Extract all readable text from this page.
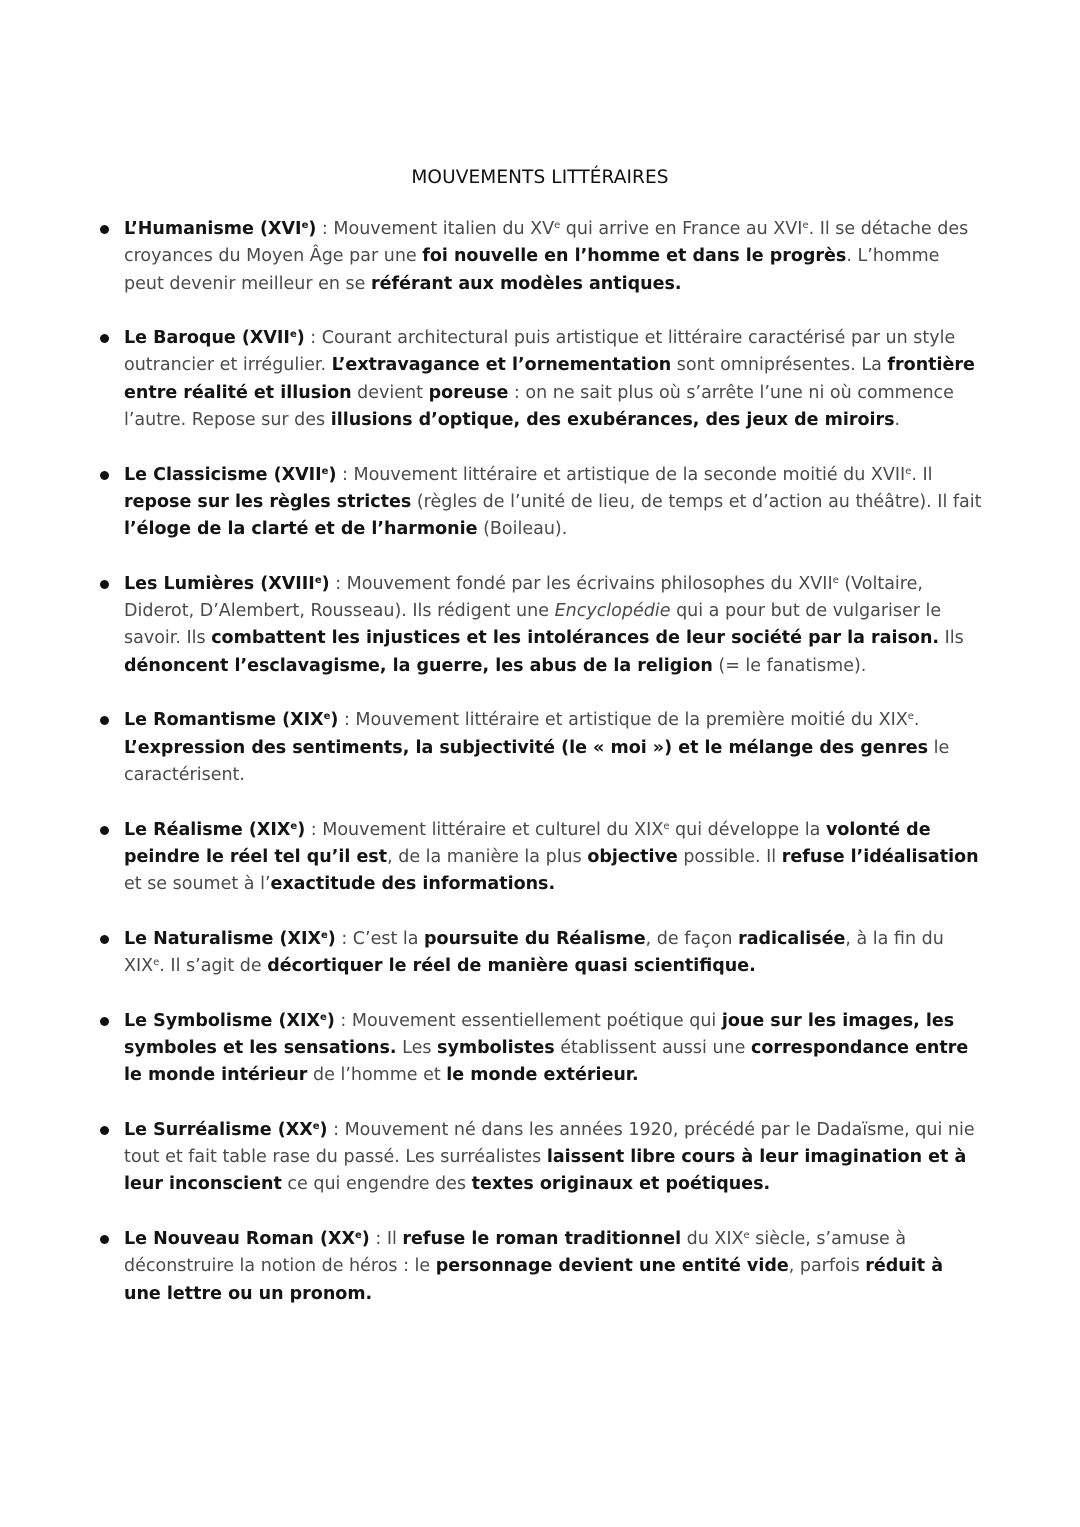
MOUVEMENTS LITTÉRAIRES
L’Humanisme (XVIe) : Mouvement italien du XVe qui arrive en France au XVIe. Il se détache des croyances du Moyen Âge par une foi nouvelle en l’homme et dans le progrès. L’homme peut devenir meilleur en se référant aux modèles antiques.
Le Baroque (XVIIe) : Courant architectural puis artistique et littéraire caractérisé par un style outrancier et irrégulier. L’extravagance et l’ornementation sont omniprésentes. La frontière entre réalité et illusion devient poreuse : on ne sait plus où s’arrête l’une ni où commence l’autre. Repose sur des illusions d’optique, des exubérances, des jeux de miroirs.
Le Classicisme (XVIIe) : Mouvement littéraire et artistique de la seconde moitié du XVIIe. Il repose sur les règles strictes (règles de l’unité de lieu, de temps et d’action au théâtre). Il fait l’éloge de la clarté et de l’harmonie (Boileau).
Les Lumières (XVIIIe) : Mouvement fondé par les écrivains philosophes du XVIIe (Voltaire, Diderot, D’Alembert, Rousseau). Ils rédigent une Encyclopédie qui a pour but de vulgariser le savoir. Ils combattent les injustices et les intolérances de leur société par la raison. Ils dénoncent l’esclavagisme, la guerre, les abus de la religion (= le fanatisme).
Le Romantisme (XIXe) : Mouvement littéraire et artistique de la première moitié du XIXe. L’expression des sentiments, la subjectivité (le « moi ») et le mélange des genres le caractérisent.
Le Réalisme (XIXe) : Mouvement littéraire et culturel du XIXe qui développe la volonté de peindre le réel tel qu’il est, de la manière la plus objective possible. Il refuse l’idéalisation et se soumet à l’exactitude des informations.
Le Naturalisme (XIXe) : C’est la poursuite du Réalisme, de façon radicalisée, à la fin du XIXe. Il s’agit de décortiquer le réel de manière quasi scientifique.
Le Symbolisme (XIXe) : Mouvement essentiellement poétique qui joue sur les images, les symboles et les sensations. Les symbolistes établissent aussi une correspondance entre le monde intérieur de l’homme et le monde extérieur.
Le Surréalisme (XXe) : Mouvement né dans les années 1920, précédé par le Dadaïsme, qui nie tout et fait table rase du passé. Les surréalistes laissent libre cours à leur imagination et à leur inconscient ce qui engendre des textes originaux et poétiques.
Le Nouveau Roman (XXe) : Il refuse le roman traditionnel du XIXe siècle, s’amuse à déconstruire la notion de héros : le personnage devient une entité vide, parfois réduit à une lettre ou un pronom.
